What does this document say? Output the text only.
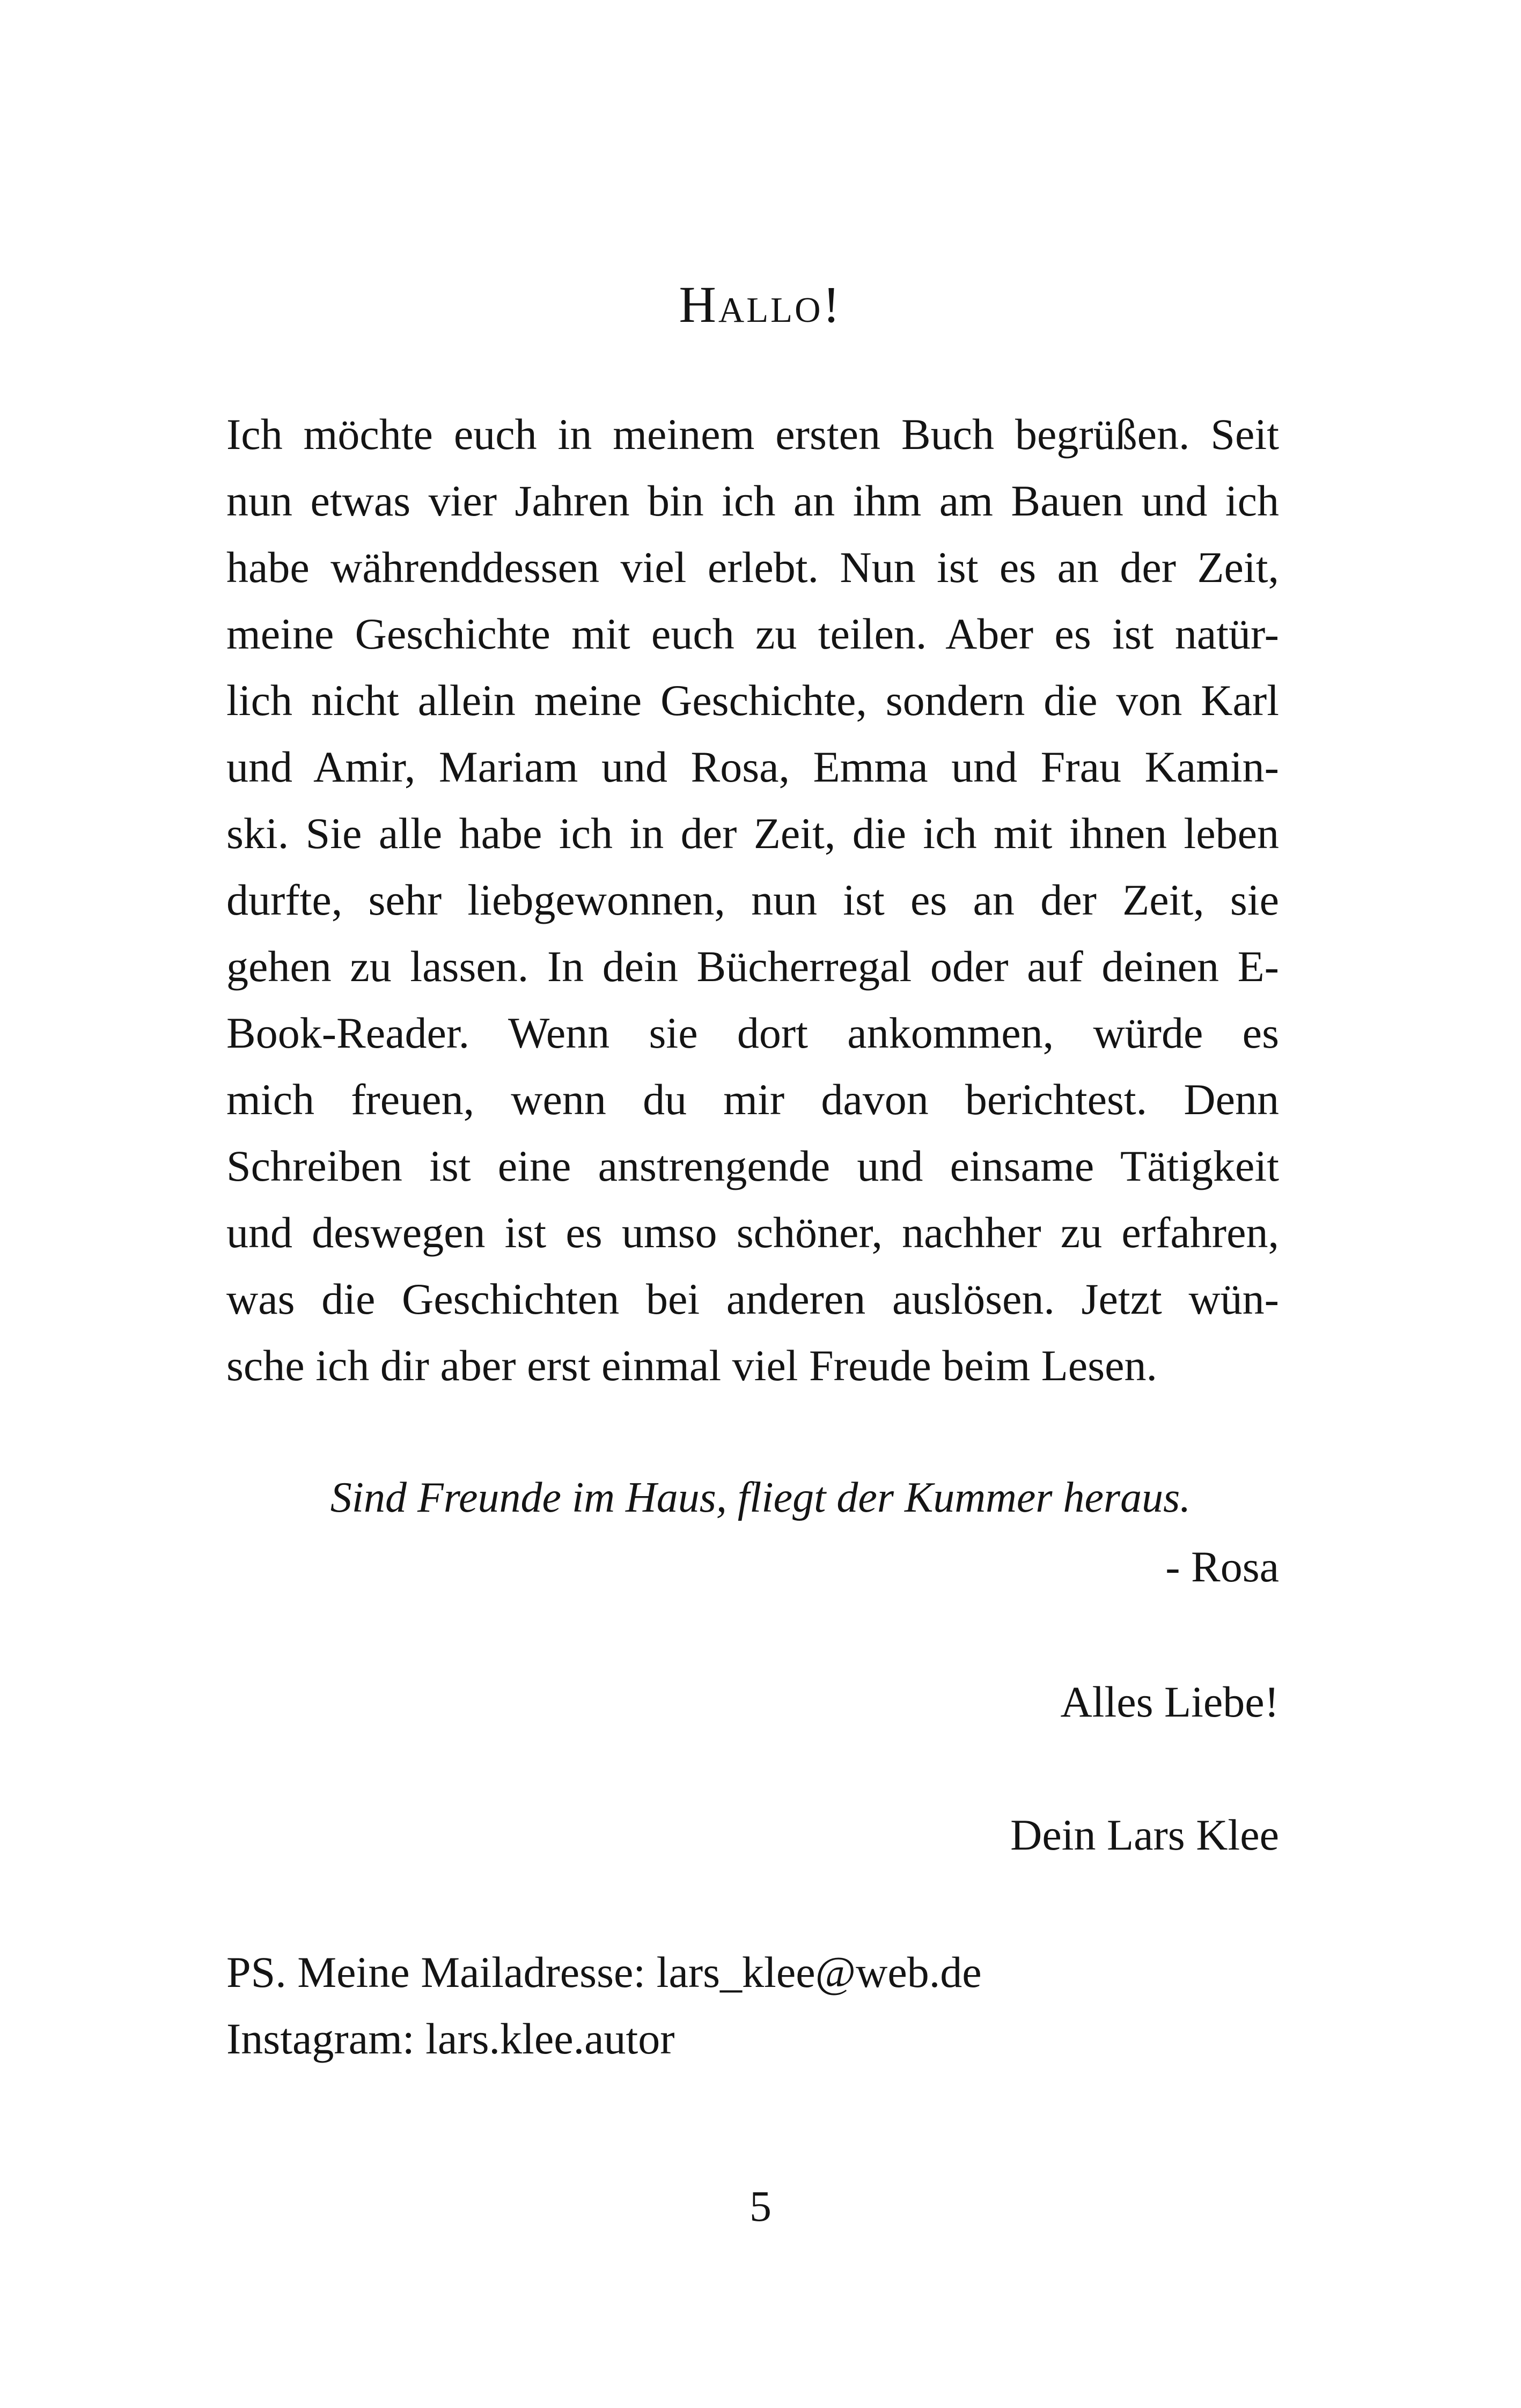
Hallo!
Ich möchte euch in meinem ersten Buch begrüßen. Seit
nun etwas vier Jahren bin ich an ihm am Bauen und ich
habe währenddessen viel erlebt. Nun ist es an der Zeit,
meine Geschichte mit euch zu teilen. Aber es ist natür-
lich nicht allein meine Geschichte, sondern die von Karl
und Amir, Mariam und Rosa, Emma und Frau Kamin-
ski. Sie alle habe ich in der Zeit, die ich mit ihnen leben
durfte, sehr liebgewonnen, nun ist es an der Zeit, sie
gehen zu lassen. In dein Bücherregal oder auf deinen E-
Book-Reader. Wenn sie dort ankommen, würde es
mich freuen, wenn du mir davon berichtest. Denn
Schreiben ist eine anstrengende und einsame Tätigkeit
und deswegen ist es umso schöner, nachher zu erfahren,
was die Geschichten bei anderen auslösen. Jetzt wün-
sche ich dir aber erst einmal viel Freude beim Lesen.
Sind Freunde im Haus, fliegt der Kummer heraus.
- Rosa
Alles Liebe!
Dein Lars Klee
PS. Meine Mailadresse: lars_klee@web.de
Instagram: lars.klee.autor
5
